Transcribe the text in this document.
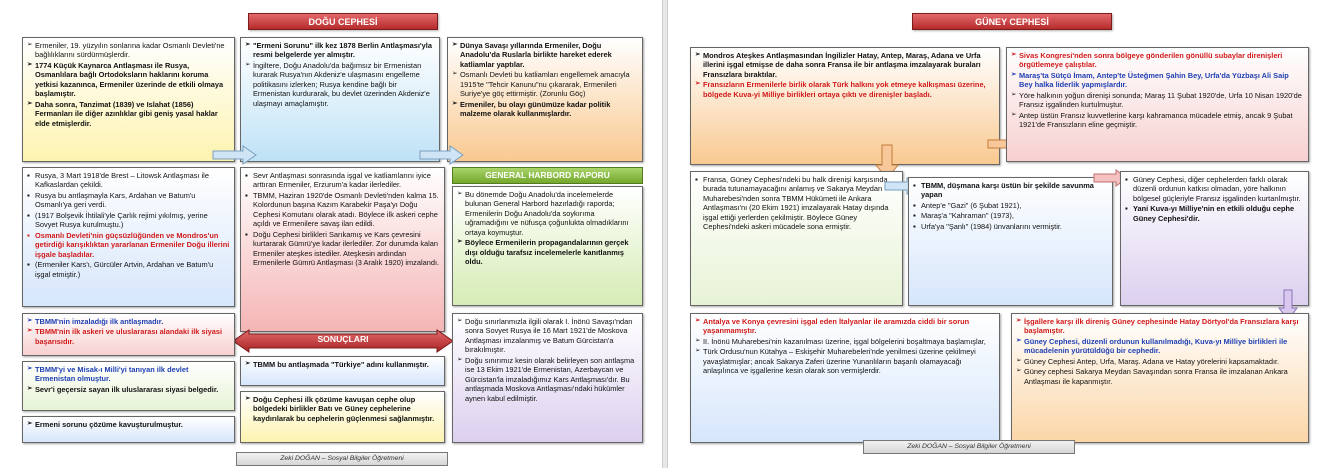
DOĞU CEPHESİ
➢ Ermeniler, 19. yüzyılın sonlarına kadar Osmanlı Devleti'ne bağlılıklarını sürdürmüşlerdir.
➢ 1774 Küçük Kaynarca Antlaşması ile Rusya, Osmanlılara bağlı Ortodoksların haklarını koruma yetkisi kazanınca, Ermeniler üzerinde de etkili olmaya başlamıştır.
➢ Daha sonra, Tanzimat (1839) ve Islahat (1856) Fermanları ile diğer azınlıklar gibi geniş yasal haklar elde etmişlerdir.
➢ "Ermeni Sorunu" ilk kez 1878 Berlin Antlaşması'yla resmi belgelerde yer almıştır.
➢ İngiltere, Doğu Anadolu'da bağımsız bir Ermenistan kurarak Rusya'nın Akdeniz'e ulaşmasını engelleme politikasını izlerken; Rusya kendine bağlı bir Ermenistan kurdurarak, bu devlet üzerinden Akdeniz'e ulaşmayı amaçlamıştır.
➢ Dünya Savaşı yıllarında Ermeniler, Doğu Anadolu'da Ruslarla birlikte hareket ederek katliamlar yaptılar.
➢ Osmanlı Devleti bu katliamları engellemek amacıyla 1915'te "Tehcir Kanunu"nu çıkararak, Ermenileri Suriye'ye göç ettirmiştir. (Zorunlu Göç)
➢ Ermeniler, bu olayı günümüze kadar politik malzeme olarak kullanmışlardır.
▪ Rusya, 3 Mart 1918'de Brest – Litowsk Antlaşması ile Kafkaslardan çekildi.
▪ Rusya bu antlaşmayla Kars, Ardahan ve Batum'u Osmanlı'ya geri verdi.
▪ (1917 Bolşevik İhtilali'yle Çarlık rejimi yıkılmış, yerine Sovyet Rusya kurulmuştu.)
▪ Osmanlı Devleti'nin güçsüzlüğünden ve Mondros'un getirdiği karışıklıktan yararlanan Ermeniler Doğu illerini işgale başladılar.
▪ (Ermeniler Kars'ı, Gürcüler Artvin, Ardahan ve Batum'u işgal etmiştir.)
▪ Sevr Antlaşması sonrasında işgal ve katliamlarını iyice arttıran Ermeniler, Erzurum'a kadar ilerlediler.
▪ TBMM, Haziran 1920'de Osmanlı Devleti'nden kalma 15. Kolordunun başına Kazım Karabekir Paşa'yı Doğu Cephesi Komutanı olarak atadı. Böylece ilk askeri cephe açıldı ve Ermenilere savaş ilan edildi.
▪ Doğu Cephesi birlikleri Sarıkamış ve Kars çevresini kurtararak Gümrü'ye kadar ilerlediler. Zor durumda kalan Ermeniler ateşkes istediler. Ateşkesin ardından Ermenilerle Gümrü Antlaşması (3 Aralık 1920) imzalandı.
GENERAL HARBORD RAPORU
➢ Bu dönemde Doğu Anadolu'da incelemelerde bulunan General Harbord hazırladığı raporda; Ermenilerin Doğu Anadolu'da soykırıma uğramadığını ve nüfusça çoğunlukta olmadıklarını ortaya koymuştur.
➢ Böylece Ermenilerin propagandalarının gerçek dışı olduğu tarafsız incelemelerle kanıtlanmış oldu.
SONUÇLARI
➢ TBMM'nin imzaladığı ilk antlaşmadır.
➢ TBMM'nin ilk askeri ve uluslararası alandaki ilk siyasi başarısıdır.
➢ TBMM bu antlaşmada "Türkiye" adını kullanmıştır.
➢ TBMM'yi ve Misak-ı Milli'yi tanıyan ilk devlet Ermenistan olmuştur.
➢ Sevr'i geçersiz sayan ilk uluslararası siyasi belgedir.
➢ Doğu Cephesi ilk çözüme kavuşan cephe olup bölgedeki birlikler Batı ve Güney cephelerine kaydırılarak bu cephelerin güçlenmesi sağlanmıştır.
➢ Ermeni sorunu çözüme kavuşturulmuştur.
➢ Doğu sınırlanmızla ilgili olarak I. İnönü Savaşı'ndan sonra Sovyet Rusya ile 16 Mart 1921'de Moskova Antlaşması imzalanmış ve Batum Gürcistan'a bırakılmıştır.
➢ Doğu sınırımız kesin olarak belirleyen son antlaşma ise 13 Ekim 1921'de Ermenistan, Azerbaycan ve Gürcistan'la imzaladığımız Kars Antlaşması'dır. Bu antlaşmada Moskova Antlaşması'ndaki hükümler aynen kabul edilmiştir.
Zeki DOĞAN – Sosyal Bilgiler Öğretmeni
GÜNEY CEPHESİ
➢ Mondros Ateşkes Antlaşmasından İngilizler Hatay, Antep, Maraş, Adana ve Urfa illerini işgal etmişse de daha sonra Fransa ile bir antlaşma imzalayarak buraları Fransızlara bıraktılar.
➢ Fransızların Ermenilerle birlik olarak Türk halkını yok etmeye kalkışması üzerine, bölgede Kuva-yi Milliye birlikleri ortaya çıktı ve direnişler başladı.
➢ Sivas Kongresi'nden sonra bölgeye gönderilen gönüllü subaylar direnişleri örgütlemeye çalıştılar.
➢ Maraş'ta Sütçü İmam, Antep'te Üsteğmen Şahin Bey, Urfa'da Yüzbaşı Ali Saip Bey halka liderlik yapmışlardır.
➢ Yöre halkının yoğun direnişi sonunda; Maraş 11 Şubat 1920'de, Urfa 10 Nisan 1920'de Fransız işgalinden kurtulmuştur.
➢ Antep üstün Fransız kuvvetlerine karşı kahramanca mücadele etmiş, ancak 9 Şubat 1921'de Fransızların eline geçmiştir.
▪ Fransa, Güney Cephesi'ndeki bu halk direnişi karşısında burada tutunamayacağını anlamış ve Sakarya Meydan Muharebesi'nden sonra TBMM Hükümeti ile Ankara Antlaşması'nı (20 Ekim 1921) imzalayarak Hatay dışında işgal ettiği yerlerden çekilmiştir. Böylece Güney Cephesi'ndeki askeri mücadele sona ermiştir.
▪ TBMM, düşmana karşı üstün bir şekilde savunma yapan
▪ Antep'e "Gazi" (6 Şubat 1921),
▪ Maraş'a "Kahraman" (1973),
▪ Urfa'ya "Şanlı" (1984) ünvanlarını vermiştir.
▪ Güney Cephesi, diğer cephelerden farklı olarak düzenli ordunun katkısı olmadan, yöre halkının bölgesel güçleriyle Fransız işgalinden kurtarılmıştır.
▪ Yani Kuva-yı Milliye'nin en etkili olduğu cephe Güney Cephesi'dir.
➢ Antalya ve Konya çevresini işgal eden İtalyanlar ile aramızda ciddi bir sorun yaşanmamıştır.
➢ II. İnönü Muharebesi'nin kazanılması üzerine, işgal bölgelerini boşaltmaya başlamışlar,
➢ Türk Ordusu'nun Kütahya – Eskişehir Muharebeleri'nde yenilmesi üzerine çekilmeyi yavaşlatmışlar; ancak Sakarya Zaferi üzerine Yunanlıların başarılı olamayacağı anlaşılınca ve işgallerine kesin olarak son vermişlerdir.
➢ İşgallere karşı ilk direniş Güney cephesinde Hatay Dörtyol'da Fransızlara karşı başlamıştır.
➢ Güney Cephesi, düzenli ordunun kullanılmadığı, Kuva-yı Milliye birlikleri ile mücadelenin yürütüldüğü bir cephedir.
➢ Güney Cephesi Antep, Urfa, Maraş. Adana ve Hatay yörelerini kapsamaktadır.
➢ Güney cephesi Sakarya Meydan Savaşından sonra Fransa ile imzalanan Ankara Antlaşması ile kapanmıştır.
Zeki DOĞAN – Sosyal Bilgiler Öğretmeni
